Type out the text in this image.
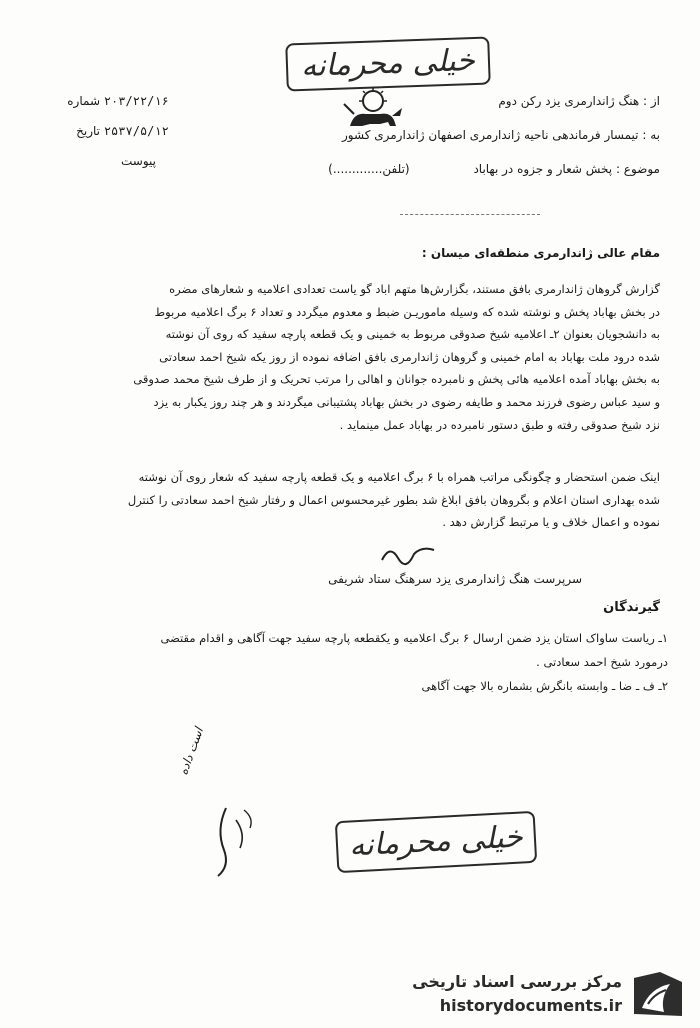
خیلی محرمانه
از : هنگ ژاندارمری یزد رکن دوم
به : تیمسار فرماندهی ناحیه ژاندارمری اصفهان ژاندارمری کشور
موضوع : پخش شعار و جزوه در بهاباد (تلفن.............)
۲۰۳/۲۲/۱۶ شماره
۲۵۳۷/۵/۱۲ تاریخ
پیوست
مقام عالی ژاندارمری منطقه‌ای میسان :
گزارش گروهان ژاندارمری بافق مستند، بگزارش‌ها متهم اباد گو یاست تعدادی اعلامیه و شعارهای مضره
در بخش بهاباد پخش و نوشته شده که وسیله ماموریـن ضبط و معدوم میگردد و تعداد ۶ برگ اعلامیه مربوط
به دانشجویان بعنوان ۲ـ اعلامیه شیخ صدوقی مربوط به خمینی و یک قطعه پارچه سفید که روی آن نوشته
شده درود ملت بهاباد به امام خمینی و گروهان ژاندارمری بافق اضافه نموده از روز یکه شیخ احمد سعادتی
به بخش بهاباد آمده اعلامیه هائی پخش و نامبرده جوانان و اهالی را مرتب تحریک و از طرف شیخ محمد صدوقی
و سید عباس رضوی فرزند محمد و طایفه رضوی در بخش بهاباد پشتیبانی میگردند و هر چند روز یکبار به یزد
نزد شیخ صدوقی رفته و طبق دستور نامبرده در بهاباد عمل مینماید .
اینک ضمن استحضار و چگونگی مراتب همراه با ۶ برگ اعلامیه و یک قطعه پارچه سفید که شعار روی آن نوشته
شده بهداری استان اعلام و بگروهان بافق ابلاغ شد بطور غیرمحسوس اعمال و رفتار شیخ احمد سعادتی را کنترل
نموده و اعمال خلاف و یا مرتبط گزارش دهد .
سرپرست هنگ ژاندارمری یزد سرهنگ ستاد شریفی
گیرندگان
۱ـ ریاست ساواک استان یزد ضمن ارسال ۶ برگ اعلامیه و یکقطعه پارچه سفید جهت آگاهی و اقدام مقتضی
درمورد شیخ احمد سعادتی .
۲ـ ف ـ ضا ـ وابسته بانگرش بشماره بالا جهت آگاهی
است داده
خیلی محرمانه
مرکز بررسی اسناد تاریخی
historydocuments.ir
